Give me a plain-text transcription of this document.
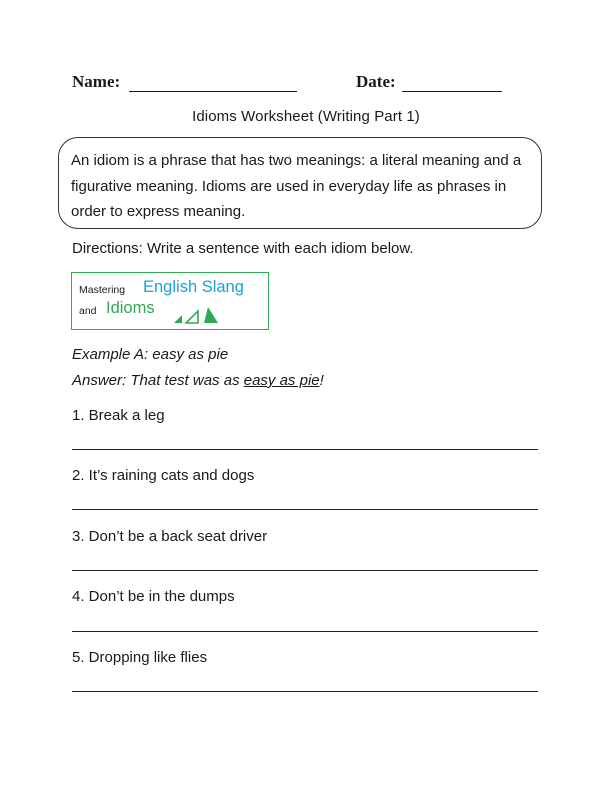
Name:	Date:
Idioms Worksheet (Writing Part 1)
An idiom is a phrase that has two meanings: a literal meaning and a figurative meaning. Idioms are used in everyday life as phrases in order to express meaning.
Directions: Write a sentence with each idiom below.
Mastering English Slang
and Idioms
Example A: easy as pie
Answer: That test was as easy as pie!
1. Break a leg
2. It’s raining cats and dogs
3. Don’t be a back seat driver
4. Don’t be in the dumps
5. Dropping like flies
